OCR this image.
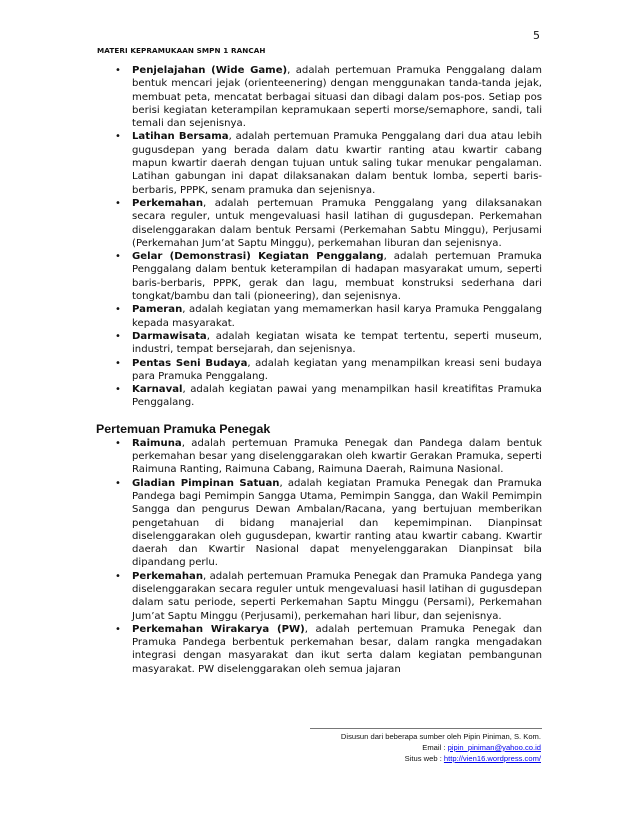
5
MATERI KEPRAMUKAAN SMPN 1 RANCAH
• Penjelajahan (Wide Game), adalah pertemuan Pramuka Penggalang dalam bentuk mencari jejak (orienteenering) dengan menggunakan tanda-tanda jejak, membuat peta, mencatat berbagai situasi dan dibagi dalam pos-pos. Setiap pos berisi kegiatan keterampilan kepramukaan seperti morse/semaphore, sandi, tali temali dan sejenisnya.
• Latihan Bersama, adalah pertemuan Pramuka Penggalang dari dua atau lebih gugusdepan yang berada dalam datu kwartir ranting atau kwartir cabang mapun kwartir daerah dengan tujuan untuk saling tukar menukar pengalaman. Latihan gabungan ini dapat dilaksanakan dalam bentuk lomba, seperti baris-berbaris, PPPK, senam pramuka dan sejenisnya.
• Perkemahan, adalah pertemuan Pramuka Penggalang yang dilaksanakan secara reguler, untuk mengevaluasi hasil latihan di gugusdepan. Perkemahan diselenggarakan dalam bentuk Persami (Perkemahan Sabtu Minggu), Perjusami (Perkemahan Jum’at Saptu Minggu), perkemahan liburan dan sejenisnya.
• Gelar (Demonstrasi) Kegiatan Penggalang, adalah pertemuan Pramuka Penggalang dalam bentuk keterampilan di hadapan masyarakat umum, seperti baris-berbaris, PPPK, gerak dan lagu, membuat konstruksi sederhana dari tongkat/bambu dan tali (pioneering), dan sejenisnya.
• Pameran, adalah kegiatan yang memamerkan hasil karya Pramuka Penggalang kepada masyarakat.
• Darmawisata, adalah kegiatan wisata ke tempat tertentu, seperti museum, industri, tempat bersejarah, dan sejenisnya.
• Pentas Seni Budaya, adalah kegiatan yang menampilkan kreasi seni budaya para Pramuka Penggalang.
• Karnaval, adalah kegiatan pawai yang menampilkan hasil kreatifitas Pramuka Penggalang.
Pertemuan Pramuka Penegak
• Raimuna, adalah pertemuan Pramuka Penegak dan Pandega dalam bentuk perkemahan besar yang diselenggarakan oleh kwartir Gerakan Pramuka, seperti Raimuna Ranting, Raimuna Cabang, Raimuna Daerah, Raimuna Nasional.
• Gladian Pimpinan Satuan, adalah kegiatan Pramuka Penegak dan Pramuka Pandega bagi Pemimpin Sangga Utama, Pemimpin Sangga, dan Wakil Pemimpin Sangga dan pengurus Dewan Ambalan/Racana, yang bertujuan memberikan pengetahuan di bidang manajerial dan kepemimpinan. Dianpinsat diselenggarakan oleh gugusdepan, kwartir ranting atau kwartir cabang. Kwartir daerah dan Kwartir Nasional dapat menyelenggarakan Dianpinsat bila dipandang perlu.
• Perkemahan, adalah pertemuan Pramuka Penegak dan Pramuka Pandega yang diselenggarakan secara reguler untuk mengevaluasi hasil latihan di gugusdepan dalam satu periode, seperti Perkemahan Saptu Minggu (Persami), Perkemahan Jum’at Saptu Minggu (Perjusami), perkemahan hari libur, dan sejenisnya.
• Perkemahan Wirakarya (PW), adalah pertemuan Pramuka Penegak dan Pramuka Pandega berbentuk perkemahan besar, dalam rangka mengadakan integrasi dengan masyarakat dan ikut serta dalam kegiatan pembangunan masyarakat. PW diselenggarakan oleh semua jajaran
Disusun dari beberapa sumber oleh Pipin Piniman, S. Kom.
Email : pipin_piniman@yahoo.co.id
Situs web : http://vien16.wordpress.com/
